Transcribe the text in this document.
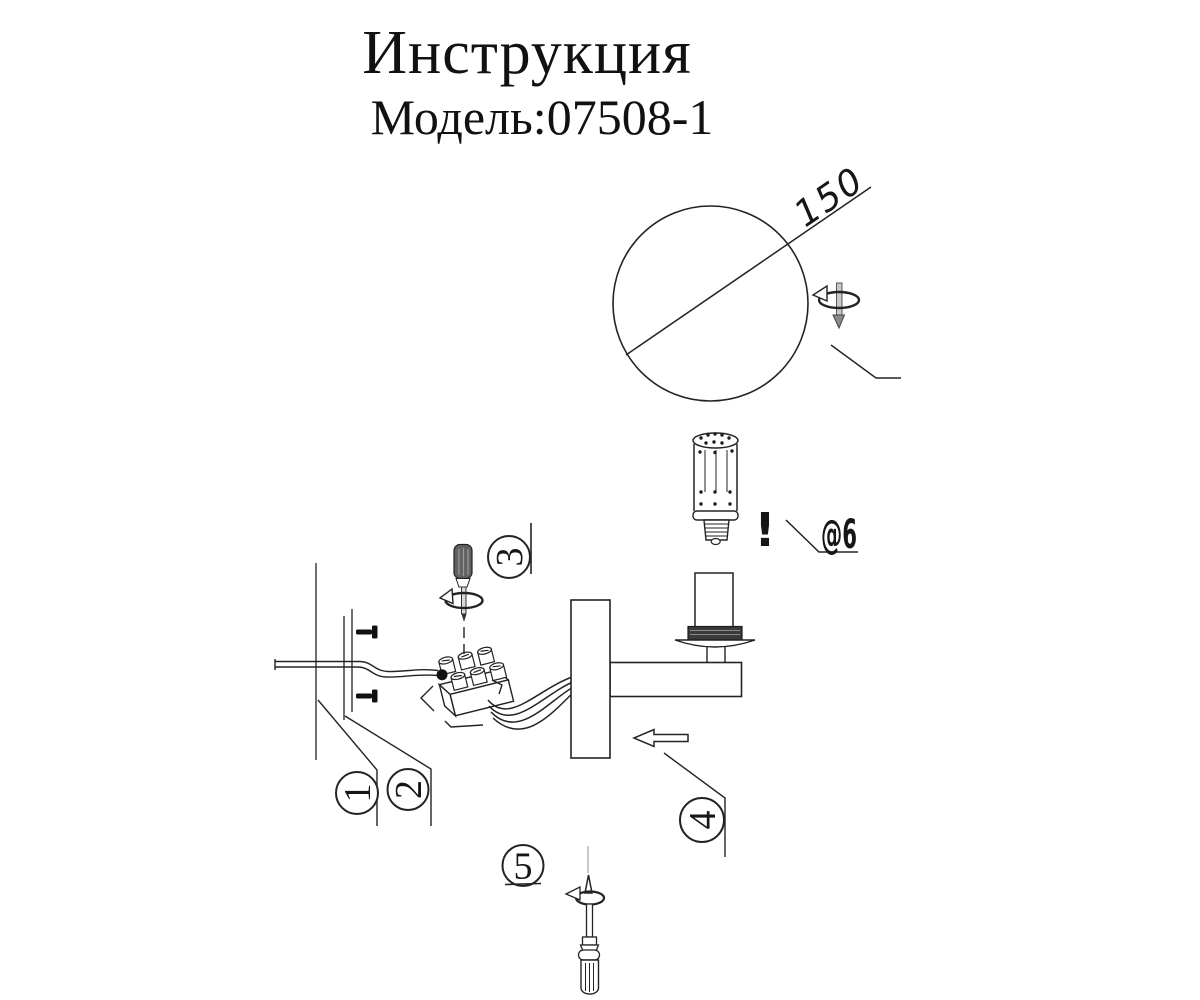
Инструкция
Модель:07508-1
! @6
150
1 2
3
4
5
